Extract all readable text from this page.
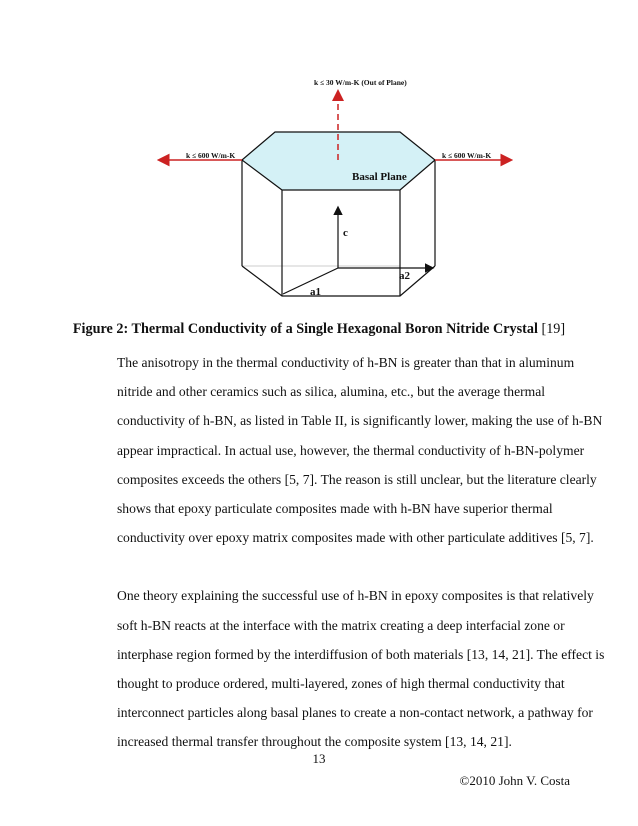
k ≤ 30 W/m-K (Out of Plane)
k ≤ 600 W/m-K	k ≤ 600 W/m-K
Basal Plane
c
a2
a1
Figure 2: Thermal Conductivity of a Single Hexagonal Boron Nitride Crystal [19]

The anisotropy in the thermal conductivity of h-BN is greater than that in aluminum
nitride and other ceramics such as silica, alumina, etc., but the average thermal
conductivity of h-BN, as listed in Table II, is significantly lower, making the use of h-BN
appear impractical. In actual use, however, the thermal conductivity of h-BN-polymer
composites exceeds the others [5, 7]. The reason is still unclear, but the literature clearly
shows that epoxy particulate composites made with h-BN have superior thermal
conductivity over epoxy matrix composites made with other particulate additives [5, 7].

One theory explaining the successful use of h-BN in epoxy composites is that relatively
soft h-BN reacts at the interface with the matrix creating a deep interfacial zone or
interphase region formed by the interdiffusion of both materials [13, 14, 21]. The effect is
thought to produce ordered, multi-layered, zones of high thermal conductivity that
interconnect particles along basal planes to create a non-contact network, a pathway for
increased thermal transfer throughout the composite system [13, 14, 21].

13
©2010 John V. Costa
